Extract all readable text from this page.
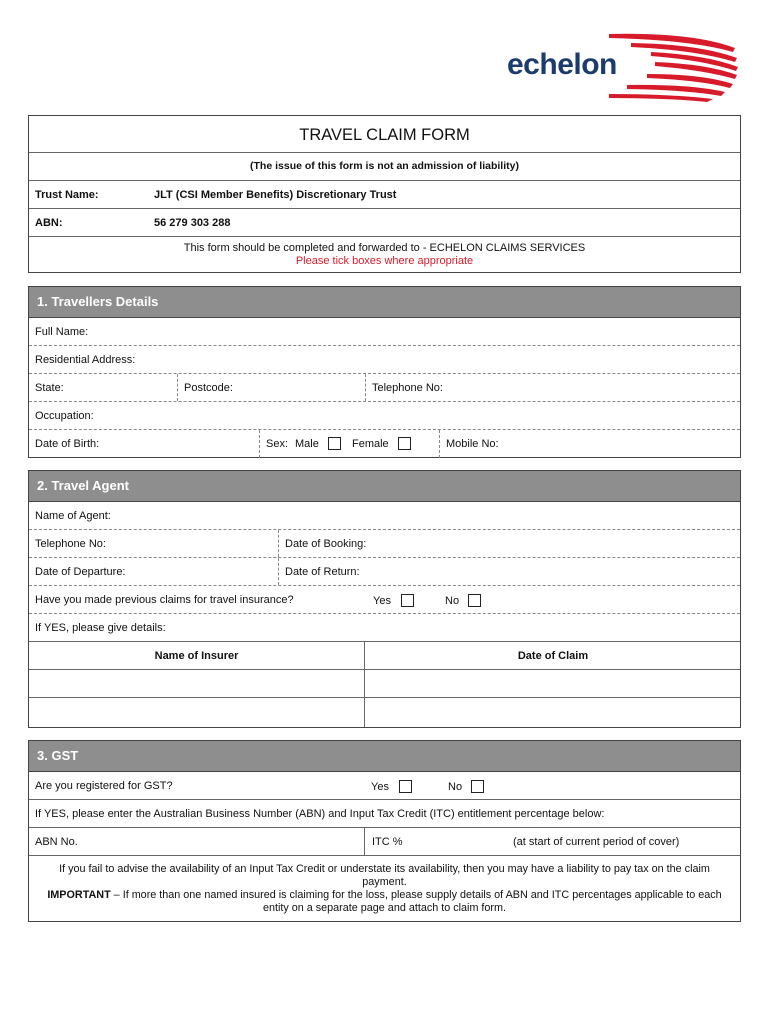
echelon
TRAVEL CLAIM FORM
(The issue of this form is not an admission of liability)
Trust Name:	JLT (CSI Member Benefits) Discretionary Trust
ABN:	56 279 303 288
This form should be completed and forwarded to - ECHELON CLAIMS SERVICES
Please tick boxes where appropriate
1. Travellers Details
Full Name:
Residential Address:
State:	Postcode:	Telephone No:
Occupation:
Date of Birth:	Sex: Male	Female	Mobile No:
2. Travel Agent
Name of Agent:
Telephone No:	Date of Booking:
Date of Departure:	Date of Return:
Have you made previous claims for travel insurance?	Yes	No
If YES, please give details:
Name of Insurer	Date of Claim
3. GST
Are you registered for GST?	Yes	No
If YES, please enter the Australian Business Number (ABN) and Input Tax Credit (ITC) entitlement percentage below:
ABN No.	ITC %	(at start of current period of cover)
If you fail to advise the availability of an Input Tax Credit or understate its availability, then you may have a liability to pay tax on the claim payment.
IMPORTANT – If more than one named insured is claiming for the loss, please supply details of ABN and ITC percentages applicable to each entity on a separate page and attach to claim form.
